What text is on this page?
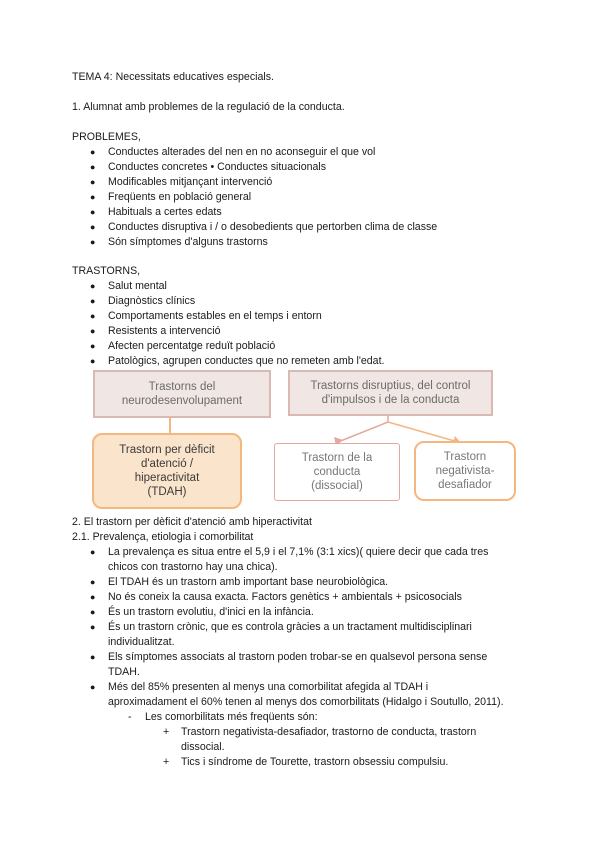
TEMA 4: Necessitats educatives especials.
1. Alumnat amb problemes de la regulació de la conducta.
PROBLEMES,
● Conductes alterades del nen en no aconseguir el que vol
● Conductes concretes • Conductes situacionals
● Modificables mitjançant intervenció
● Freqüents en població general
● Habituals a certes edats
● Conductes disruptiva i / o desobedients que pertorben clima de classe
● Són símptomes d'alguns trastorns
TRASTORNS,
● Salut mental
● Diagnòstics clínics
● Comportaments estables en el temps i entorn
● Resistents a intervenció
● Afecten percentatge reduït població
● Patològics, agrupen conductes que no remeten amb l'edat.
Trastorns del
neurodesenvolupament
Trastorns disruptius, del control
d'impulsos i de la conducta
Trastorn per dèficit
d'atenció /
hiperactivitat
(TDAH)
Trastorn de la
conducta
(dissocial)
Trastorn
negativista-
desafiador
2. El trastorn per dèficit d'atenció amb hiperactivitat
2.1. Prevalença, etiologia i comorbilitat
● La prevalença es situa entre el 5,9 i el 7,1% (3:1 xics)( quiere decir que cada tres
chicos con trastorno hay una chica).
● El TDAH és un trastorn amb important base neurobiològica.
● No és coneix la causa exacta. Factors genètics + ambientals + psicosocials
● És un trastorn evolutiu, d'inici en la infància.
● És un trastorn crònic, que es controla gràcies a un tractament multidisciplinari
individualitzat.
● Els símptomes associats al trastorn poden trobar-se en qualsevol persona sense
TDAH.
● Més del 85% presenten al menys una comorbilitat afegida al TDAH i
aproximadament el 60% tenen al menys dos comorbilitats (Hidalgo i Soutullo, 2011).
- Les comorbilitats més freqüents són:
+ Trastorn negativista-desafiador, trastorno de conducta, trastorn
dissocial.
+ Tics i síndrome de Tourette, trastorn obsessiu compulsiu.
